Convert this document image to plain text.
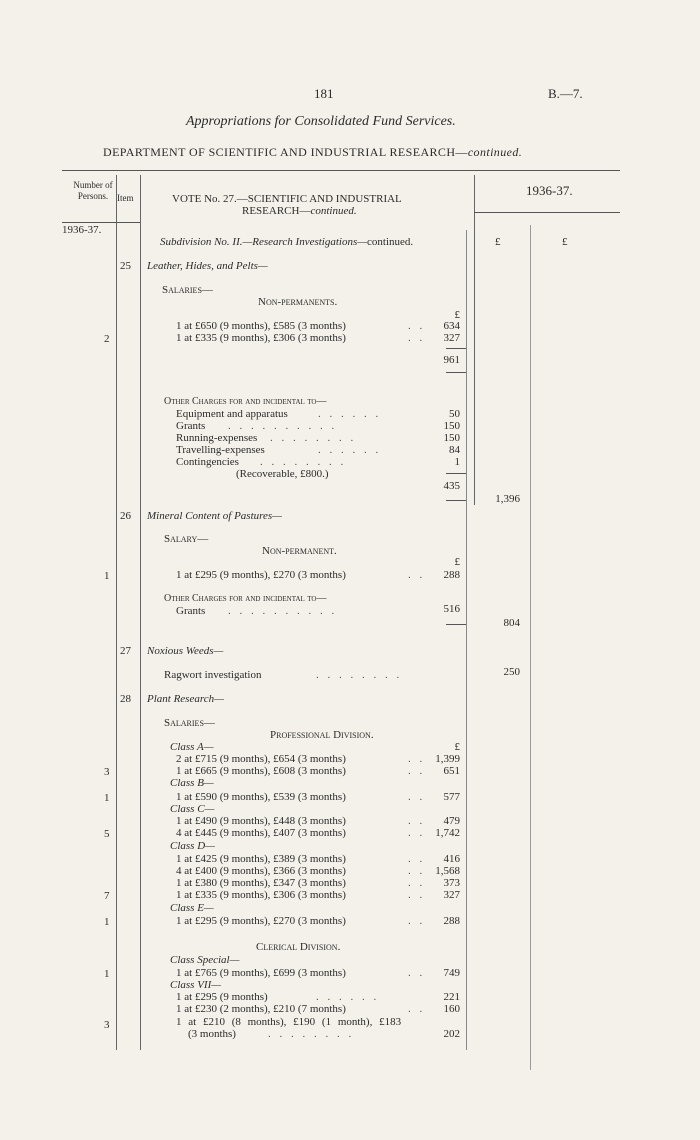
181	B.—7.
Appropriations for Consolidated Fund Services.
DEPARTMENT OF SCIENTIFIC AND INDUSTRIAL RESEARCH—continued.
Number of Persons. Item	VOTE No. 27.—SCIENTIFIC AND INDUSTRIAL
RESEARCH—continued.
1936-37.
1936-37.
£	£
Subdivision No. II.—Research Investigations—continued.
25 Leather, Hides, and Pelts—
Salaries—
Non-permanents.
£
1 at £650 (9 months), £585 (3 months)	. .	634
2	1 at £335 (9 months), £306 (3 months)	. .	327
961
Other Charges for and incidental to—
Equipment and apparatus	. . . . . .	50
Grants . . . . . . . . . .	150
Running-expenses . . . . . . . .	150
Travelling-expenses	. . . . . .	84
Contingencies . . . . . . . .	1
(Recoverable, £800.)
435
1,396
26 Mineral Content of Pastures—
Salary—
Non-permanent.
£
1	1 at £295 (9 months), £270 (3 months)	. .	288
Other Charges for and incidental to—
Grants . . . . . . . . . .	516
804
27 Noxious Weeds—
Ragwort investigation	. . . . . . . .	250
28 Plant Research—
Salaries—
Professional Division.
£
Class A—
2 at £715 (9 months), £654 (3 months)	. . 1,399
3	1 at £665 (9 months), £608 (3 months)	. .	651
Class B—
1	1 at £590 (9 months), £539 (3 months)	. .	577
Class C—
1 at £490 (9 months), £448 (3 months)	. .	479
5	4 at £445 (9 months), £407 (3 months)	. . 1,742
Class D—
1 at £425 (9 months), £389 (3 months)	. .	416
4 at £400 (9 months), £366 (3 months)	. . 1,568
1 at £380 (9 months), £347 (3 months)	. .	373
7	1 at £335 (9 months), £306 (3 months)	. .	327
Class E—
1	1 at £295 (9 months), £270 (3 months)	. .	288
Clerical Division.
Class Special—
1	1 at £765 (9 months), £699 (3 months)	. .	749
Class VII—
1 at £295 (9 months)	. . . . . .	221
1 at £230 (2 months), £210 (7 months)	. .	160
3	1 at £210 (8 months), £190 (1 month), £183
(3 months)	. . . . . . . .	202
